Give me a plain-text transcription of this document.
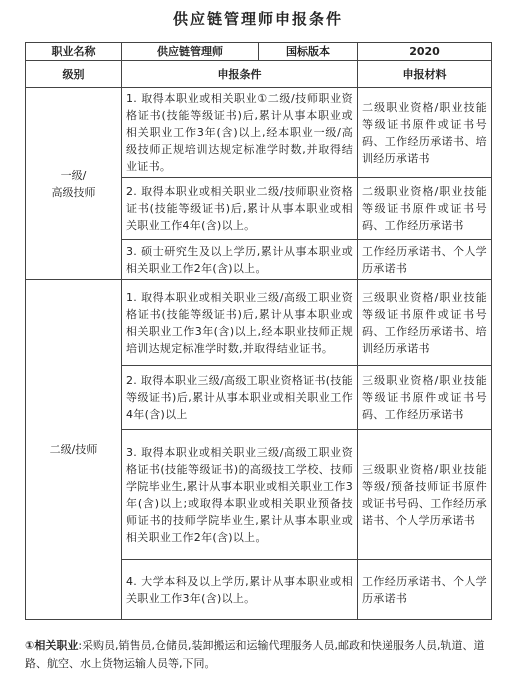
供应链管理师申报条件
职业名称	供应链管理师 国标版本	2020
级别	申报条件	申报材料
一级/
高级技师	1. 取得本职业或相关职业①二级/技师职业资格证书(技能等级证书)后,累计从事本职业或相关职业工作3年(含)以上,经本职业一级/高级技师正规培训达规定标准学时数,并取得结业证书。	二级职业资格/职业技能等级证书原件或证书号码、工作经历承诺书、培训经历承诺书
	2. 取得本职业或相关职业二级/技师职业资格证书(技能等级证书)后,累计从事本职业或相关职业工作4年(含)以上。	二级职业资格/职业技能等级证书原件或证书号码、工作经历承诺书
	3. 硕士研究生及以上学历,累计从事本职业或相关职业工作2年(含)以上。	工作经历承诺书、个人学历承诺书
二级/技师	1. 取得本职业或相关职业三级/高级工职业资格证书(技能等级证书)后,累计从事本职业或相关职业工作3年(含)以上,经本职业技师正规培训达规定标准学时数,并取得结业证书。	三级职业资格/职业技能等级证书原件或证书号码、工作经历承诺书、培训经历承诺书
	2. 取得本职业三级/高级工职业资格证书(技能等级证书)后,累计从事本职业或相关职业工作4年(含)以上	三级职业资格/职业技能等级证书原件或证书号码、工作经历承诺书
	3. 取得本职业或相关职业三级/高级工职业资格证书(技能等级证书)的高级技工学校、技师学院毕业生,累计从事本职业或相关职业工作3年(含)以上;或取得本职业或相关职业预备技师证书的技师学院毕业生,累计从事本职业或相关职业工作2年(含)以上。	三级职业资格/职业技能等级/预备技师证书原件或证书号码、工作经历承诺书、个人学历承诺书
	4. 大学本科及以上学历,累计从事本职业或相关职业工作3年(含)以上。	工作经历承诺书、个人学历承诺书
①相关职业:采购员,销售员,仓储员,装卸搬运和运输代理服务人员,邮政和快递服务人员,轨道、道路、航空、水上货物运输人员等,下同。
